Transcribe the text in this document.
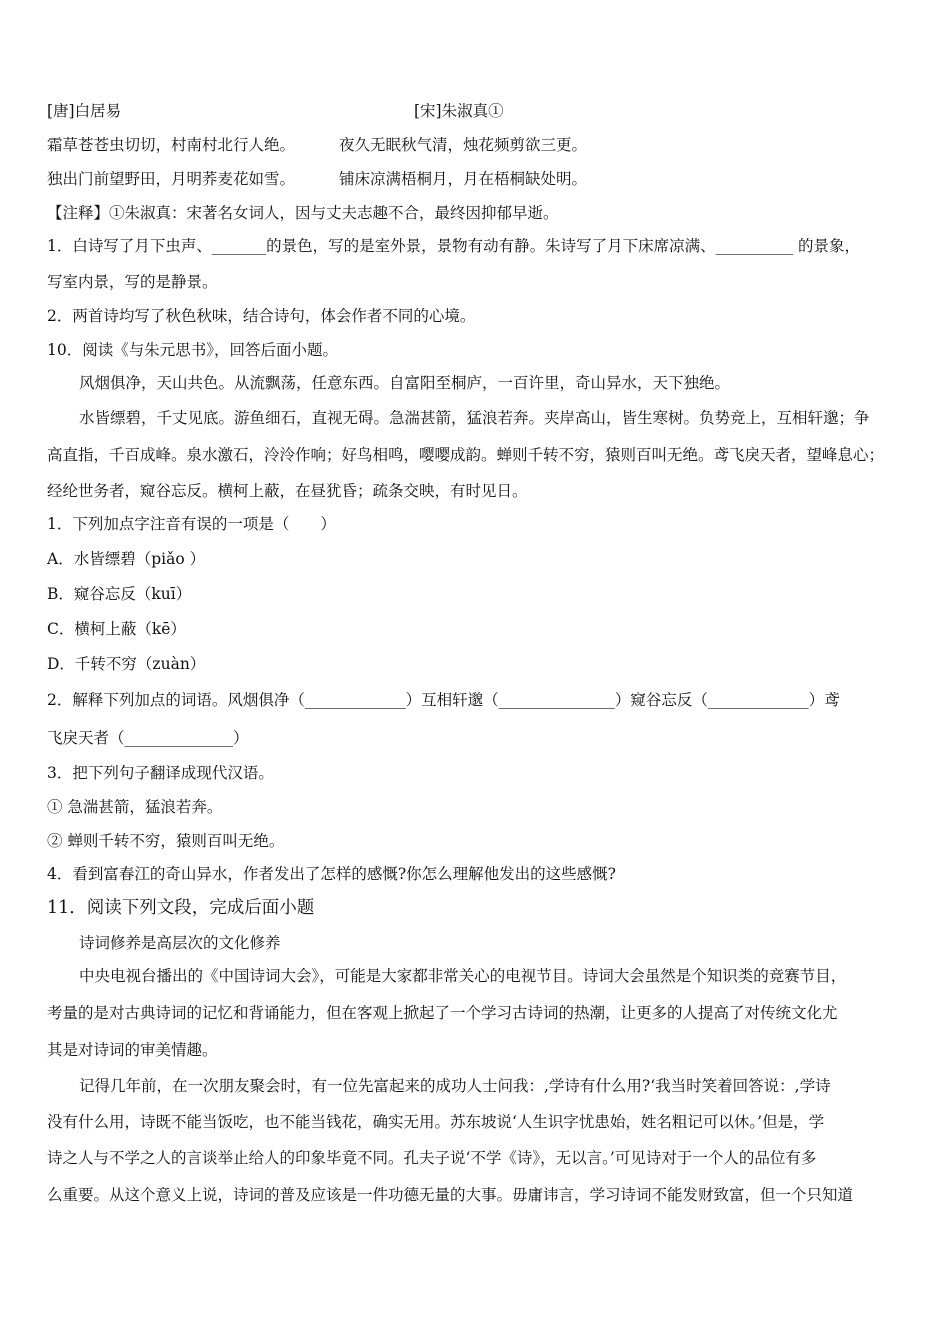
[唐]白居易	[宋]朱淑真①
霜草苍苍虫切切，村南村北行人绝。	夜久无眠秋气清，烛花频剪欲三更。
独出门前望野田，月明荞麦花如雪。	铺床凉满梧桐月，月在梧桐缺处明。
【注释】①朱淑真：宋著名女词人，因与丈夫志趣不合，最终因抑郁早逝。
1．白诗写了月下虫声、_______的景色，写的是室外景，景物有动有静。朱诗写了月下床席凉满、__________ 的景象，
写室内景，写的是静景。
2．两首诗均写了秋色秋味，结合诗句，体会作者不同的心境。
10．阅读《与朱元思书》，回答后面小题。
风烟俱净，天山共色。从流飘荡，任意东西。自富阳至桐庐，一百许里，奇山异水，天下独绝。
水皆缥碧，千丈见底。游鱼细石，直视无碍。急湍甚箭，猛浪若奔。夹岸高山，皆生寒树。负势竞上，互相轩邈；争
高直指，千百成峰。泉水激石，泠泠作响；好鸟相鸣，嘤嘤成韵。蝉则千转不穷，猿则百叫无绝。鸢飞戾天者，望峰息心；
经纶世务者，窥谷忘反。横柯上蔽，在昼犹昏；疏条交映，有时见日。
1．下列加点字注音有误的一项是（　　）
A．水皆缥碧（piǎo ）
B．窥谷忘反（kuī）
C．横柯上蔽（kē）
D．千转不穷（zuàn）
2．解释下列加点的词语。风烟俱净（_____________）互相轩邈（_______________）窥谷忘反（_____________）鸢
飞戾天者（______________）
3．把下列句子翻译成现代汉语。
① 急湍甚箭，猛浪若奔。
② 蝉则千转不穷，猿则百叫无绝。
4．看到富春江的奇山异水，作者发出了怎样的感慨?你怎么理解他发出的这些感慨?
11．阅读下列文段，完成后面小题
诗词修养是高层次的文化修养
中央电视台播出的《中国诗词大会》，可能是大家都非常关心的电视节目。诗词大会虽然是个知识类的竞赛节目，
考量的是对古典诗词的记忆和背诵能力，但在客观上掀起了一个学习古诗词的热潮，让更多的人提高了对传统文化尤
其是对诗词的审美情趣。
记得几年前，在一次朋友聚会时，有一位先富起来的成功人士问我：,学诗有什么用?‘我当时笑着回答说：,学诗
没有什么用，诗既不能当饭吃，也不能当钱花，确实无用。苏东坡说‘人生识字忧患始，姓名粗记可以休。’但是，学
诗之人与不学之人的言谈举止给人的印象毕竟不同。孔夫子说‘不学《诗》，无以言。’可见诗对于一个人的品位有多
么重要。从这个意义上说，诗词的普及应该是一件功德无量的大事。毋庸讳言，学习诗词不能发财致富，但一个只知道
